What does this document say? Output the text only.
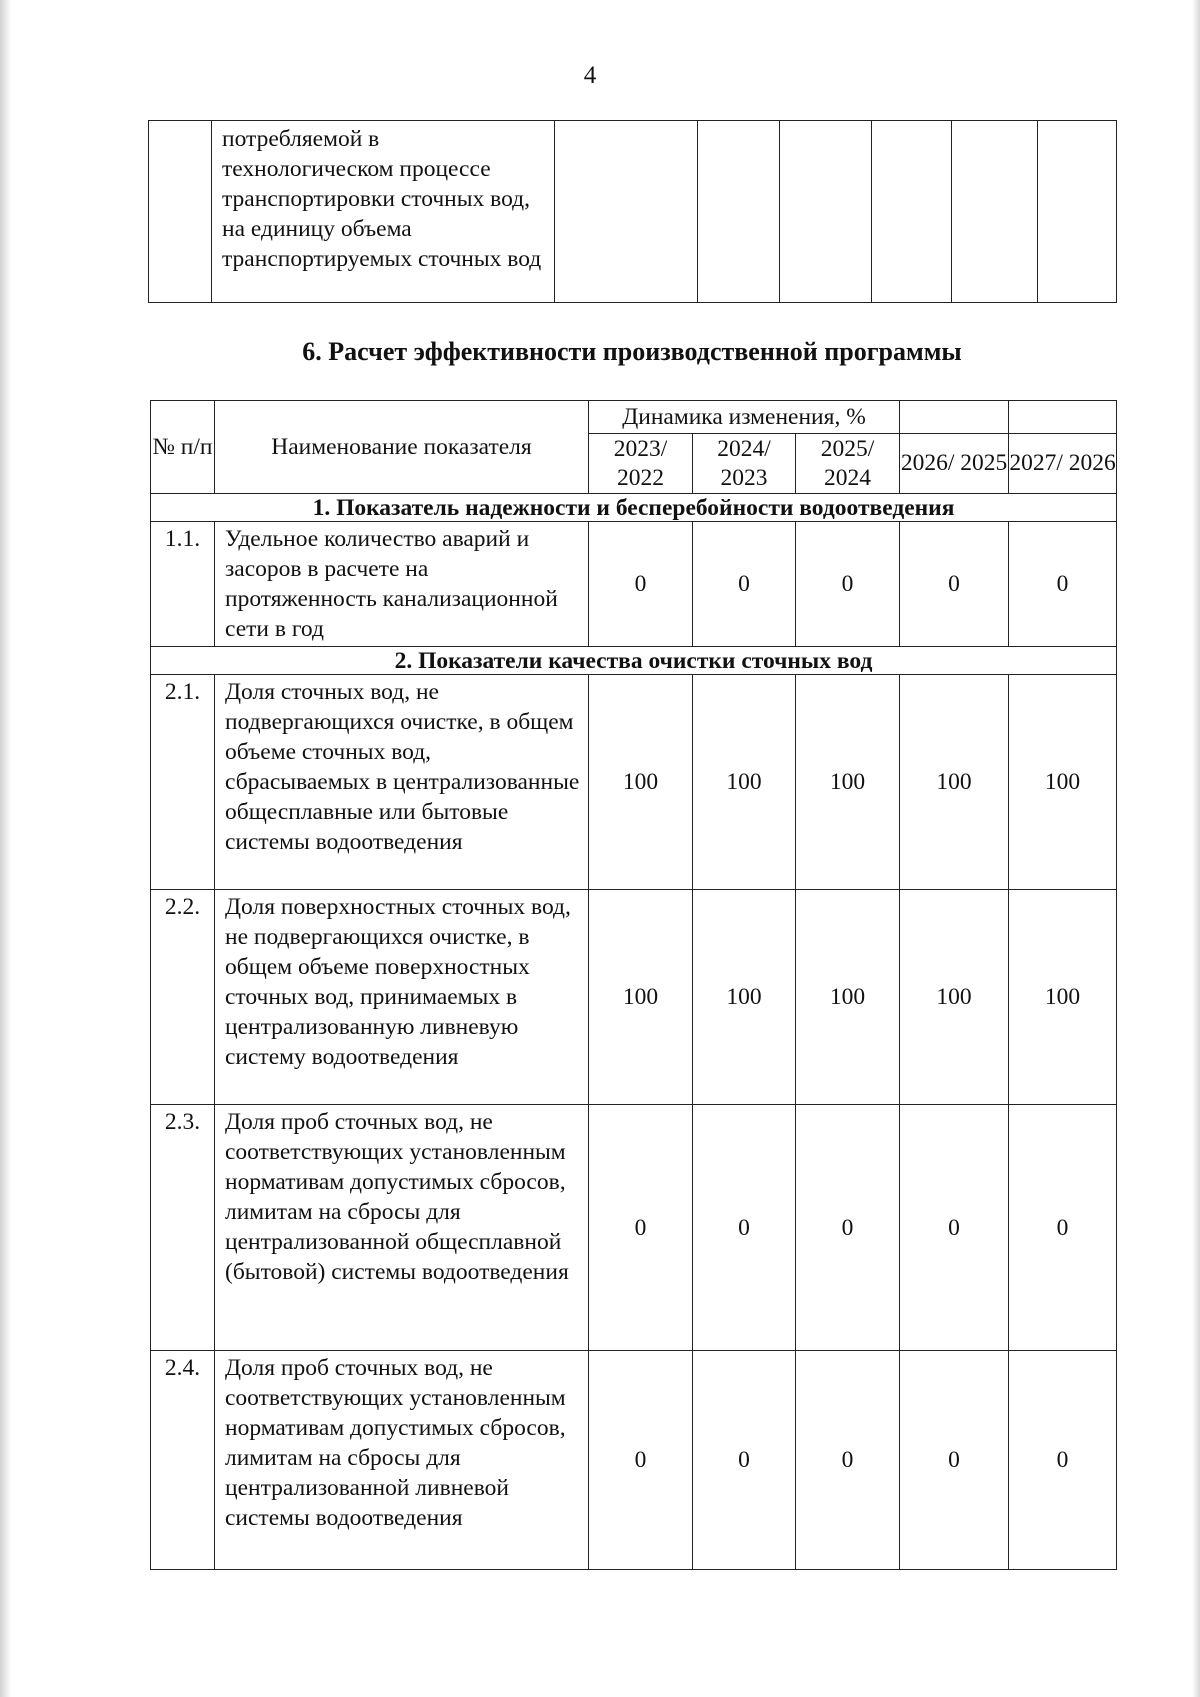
4

потребляемой в технологическом процессе транспортировки сточных вод, на единицу объема транспортируемых сточных вод

6. Расчет эффективности производственной программы
№ п/п	Наименование показателя	Динамика изменения, %				
		2023/ 2022	2024/ 2023	2025/ 2024	2026/ 2025	2027/ 2026
1. Показатель надежности и бесперебойности водоотведения						
1.1.	Удельное количество аварий и засоров в расчете на протяженность канализационной сети в год	0	0	0	0	0
2. Показатели качества очистки сточных вод						
2.1.	Доля сточных вод, не подвергающихся очистке, в общем объеме сточных вод, сбрасываемых в централизованные общесплавные или бытовые системы водоотведения	100	100	100	100	100
2.2.	Доля поверхностных сточных вод, не подвергающихся очистке, в общем объеме поверхностных сточных вод, принимаемых в централизованную ливневую систему водоотведения	100	100	100	100	100
2.3.	Доля проб сточных вод, не соответствующих установленным нормативам допустимых сбросов, лимитам на сбросы для централизованной общесплавной (бытовой) системы водоотведения	0	0	0	0	0
2.4.	Доля проб сточных вод, не соответствующих установленным нормативам допустимых сбросов, лимитам на сбросы для централизованной ливневой системы водоотведения	0	0	0	0	0
